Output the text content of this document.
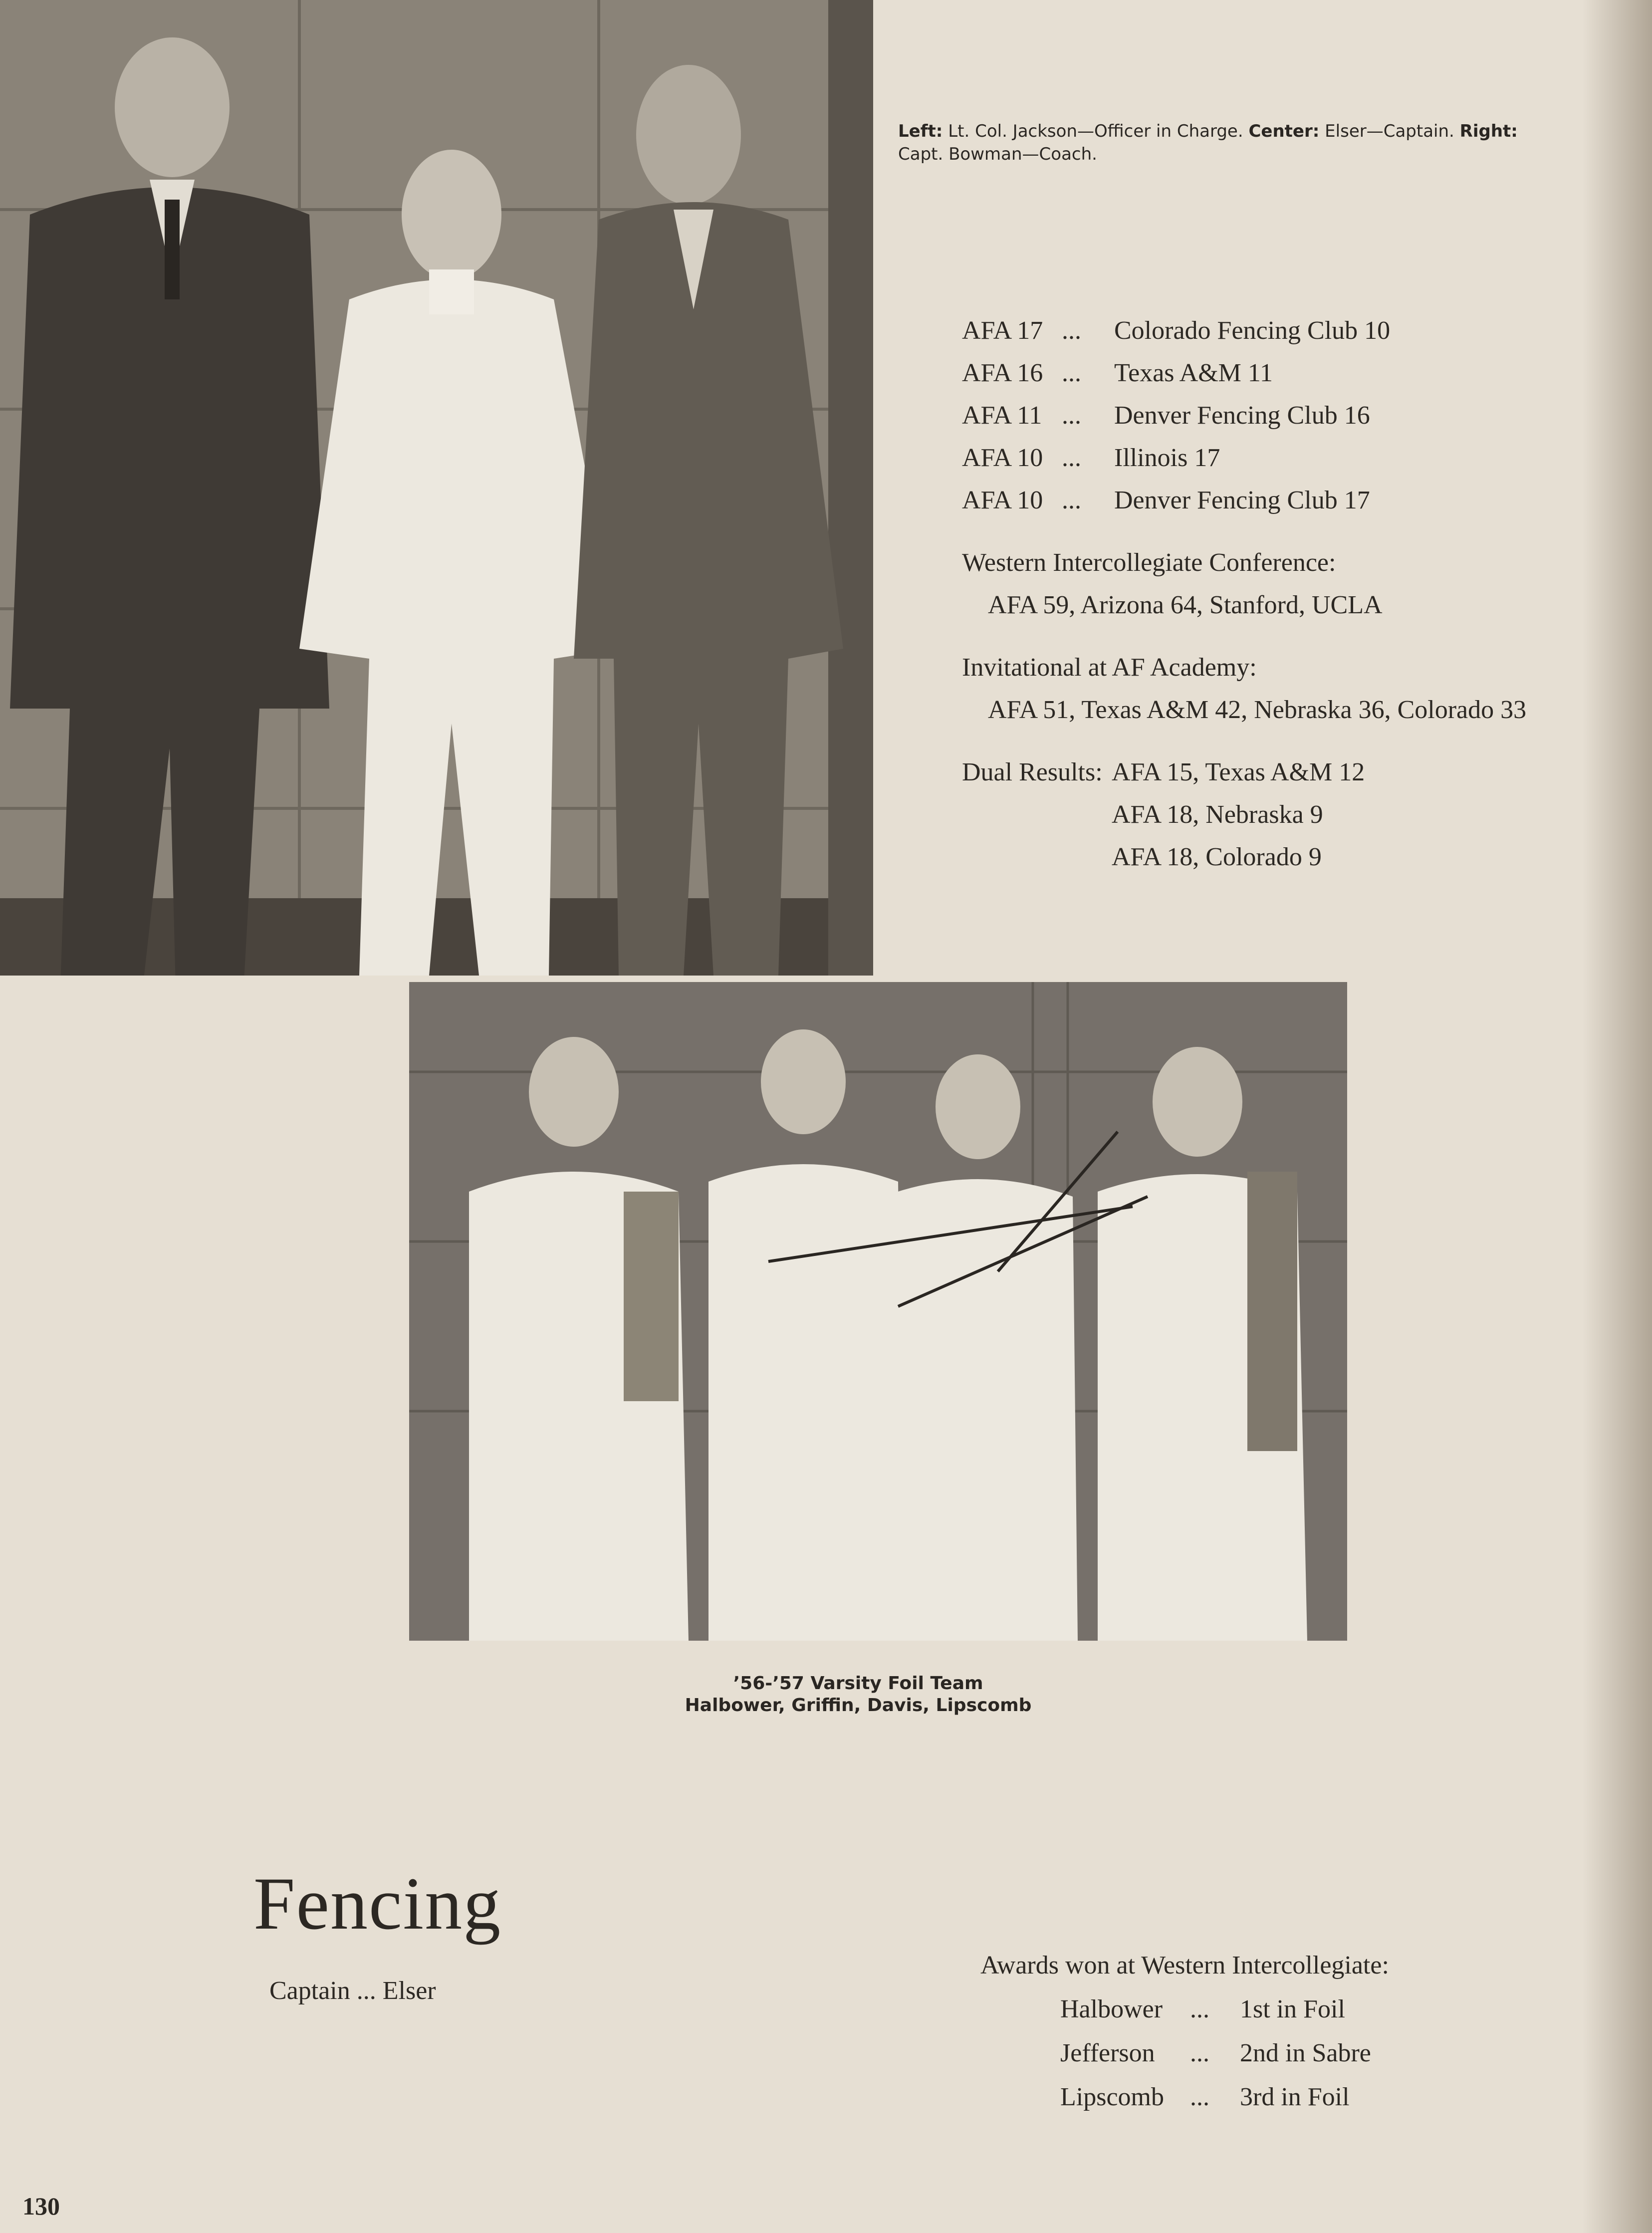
Left: Lt. Col. Jackson—Officer in Charge. Center: Elser—Captain. Right: Capt. Bowman—Coach.
AFA 17 ... Colorado Fencing Club 10
AFA 16 ... Texas A&M 11
AFA 11 ... Denver Fencing Club 16
AFA 10 ... Illinois 17
AFA 10 ... Denver Fencing Club 17
Western Intercollegiate Conference:
AFA 59, Arizona 64, Stanford, UCLA
Invitational at AF Academy:
AFA 51, Texas A&M 42, Nebraska 36, Colorado 33
Dual Results: AFA 15, Texas A&M 12
AFA 18, Nebraska 9
AFA 18, Colorado 9
’56-’57 Varsity Foil Team
Halbower, Griffin, Davis, Lipscomb
Fencing
Captain ... Elser
Awards won at Western Intercollegiate:
Halbower ... 1st in Foil
Jefferson ... 2nd in Sabre
Lipscomb ... 3rd in Foil
130
